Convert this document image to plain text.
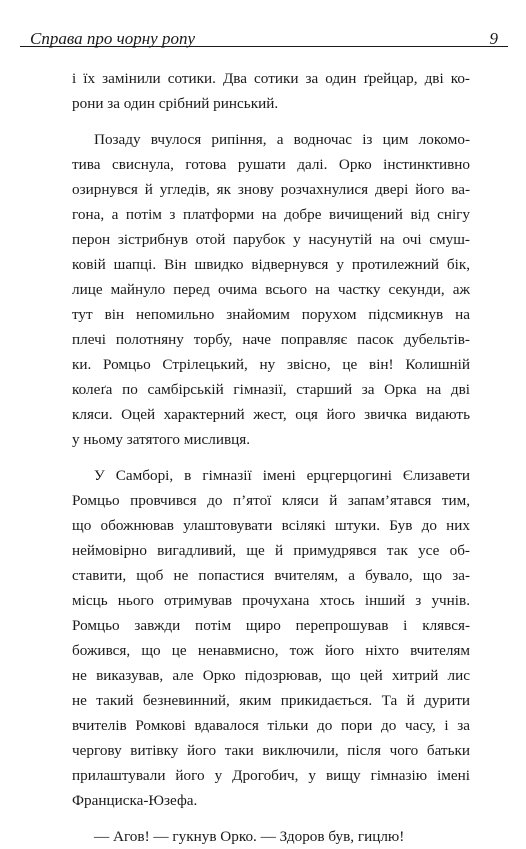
Справа про чорну ропу	9
і їх замінили сотики. Два сотики за один ґрейцар, дві ко-
рони за один срібний ринський.
Позаду вчулося рипіння, а водночас із цим локомо-
тива свиснула, готова рушати далі. Орко інстинктивно
озирнувся й угледів, як знову розчахнулися двері його ва-
гона, а потім з платформи на добре вичищений від снігу
перон зістрибнув отой парубок у насунутій на очі смуш-
ковій шапці. Він швидко відвернувся у протилежний бік,
лице майнуло перед очима всього на частку секунди, аж
тут він непомильно знайомим порухом підсмикнув на
плечі полотняну торбу, наче поправляє пасок дубельтів-
ки. Ромцьо Стрілецький, ну звісно, це він! Колишній
колеґа по самбірській гімназії, старший за Орка на дві
кляси. Оцей характерний жест, оця його звичка видають
у ньому затятого мисливця.
У Самборі, в гімназії імені ерцгерцогині Єлизавети
Ромцьо провчився до п’ятої кляси й запам’ятався тим,
що обожнював улаштовувати всілякі штуки. Був до них
неймовірно вигадливий, ще й примудрявся так усе об-
ставити, щоб не попастися вчителям, а бувало, що за-
місць нього отримував прочухана хтось інший з учнів.
Ромцьо завжди потім щиро перепрошував і клявся-
божився, що це ненавмисно, тож його ніхто вчителям
не виказував, але Орко підозрював, що цей хитрий лис
не такий безневинний, яким прикидається. Та й дурити
вчителів Ромкові вдавалося тільки до пори до часу, і за
чергову витівку його таки виключили, після чого батьки
прилаштували його у Дрогобич, у вищу гімназію імені
Франциска-Юзефа.
— Агов! — гукнув Орко. — Здоров був, гицлю!
